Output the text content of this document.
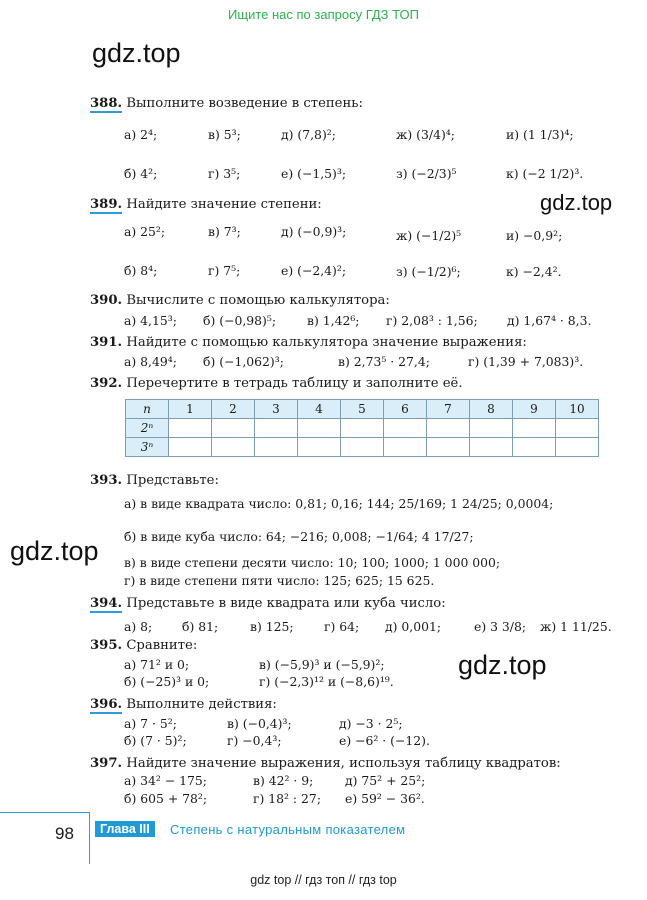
Ищите нас по запросу ГДЗ ТОП
gdz.top
gdz.top
gdz.top
gdz.top
388. Выполните возведение в степень:
а) 2⁴;	в) 5³;	д) (7,8)²;	ж) (3/4)⁴;	и) (1 1/3)⁴;
б) 4²;	г) 3⁵;	е) (−1,5)³;	з) (−2/3)⁵	к) (−2 1/2)³.
389. Найдите значение степени:
а) 25²;	в) 7³;	д) (−0,9)³;	ж) (−1/2)⁵	и) −0,9²;
б) 8⁴;	г) 7⁵;	е) (−2,4)²;	з) (−1/2)⁶;	к) −2,4².
390. Вычислите с помощью калькулятора:
а) 4,15³; б) (−0,98)⁵; в) 1,42⁶; г) 2,08³ : 1,56; д) 1,67⁴ · 8,3.
391. Найдите с помощью калькулятора значение выражения:
а) 8,49⁴; б) (−1,062)³;	в) 2,73⁵ · 27,4;	г) (1,39 + 7,083)³.
392. Перечертите в тетрадь таблицу и заполните её.
n	1	2	3	4	5	6	7	8	9	10
2ⁿ										
3ⁿ										
393. Представьте:
а) в виде квадрата число: 0,81; 0,16; 144; 25/169; 1 24/25; 0,0004;
б) в виде куба число: 64; −216; 0,008; −1/64; 4 17/27;
в) в виде степени десяти число: 10; 100; 1000; 1 000 000;
г) в виде степени пяти число: 125; 625; 15 625.
394. Представьте в виде квадрата или куба число:
а) 8; б) 81;	в) 125; г) 64; д) 0,001;	е) 3 3/8; ж) 1 11/25.
395. Сравните:
а) 71² и 0;	в) (−5,9)³ и (−5,9)²;
б) (−25)³ и 0;	г) (−2,3)¹² и (−8,6)¹⁹.
396. Выполните действия:
а) 7 · 5²;	в) (−0,4)³;	д) −3 · 2⁵;
б) (7 · 5)²;	г) −0,4³;	е) −6² · (−12).
397. Найдите значение выражения, используя таблицу квадратов:
а) 34² − 175;	в) 42² · 9;	д) 75² + 25²;
б) 605 + 78²;	г) 18² : 27; е) 59² − 36².
98	Глава III	Степень с натуральным показателем
gdz top // гдз топ // гдз top
